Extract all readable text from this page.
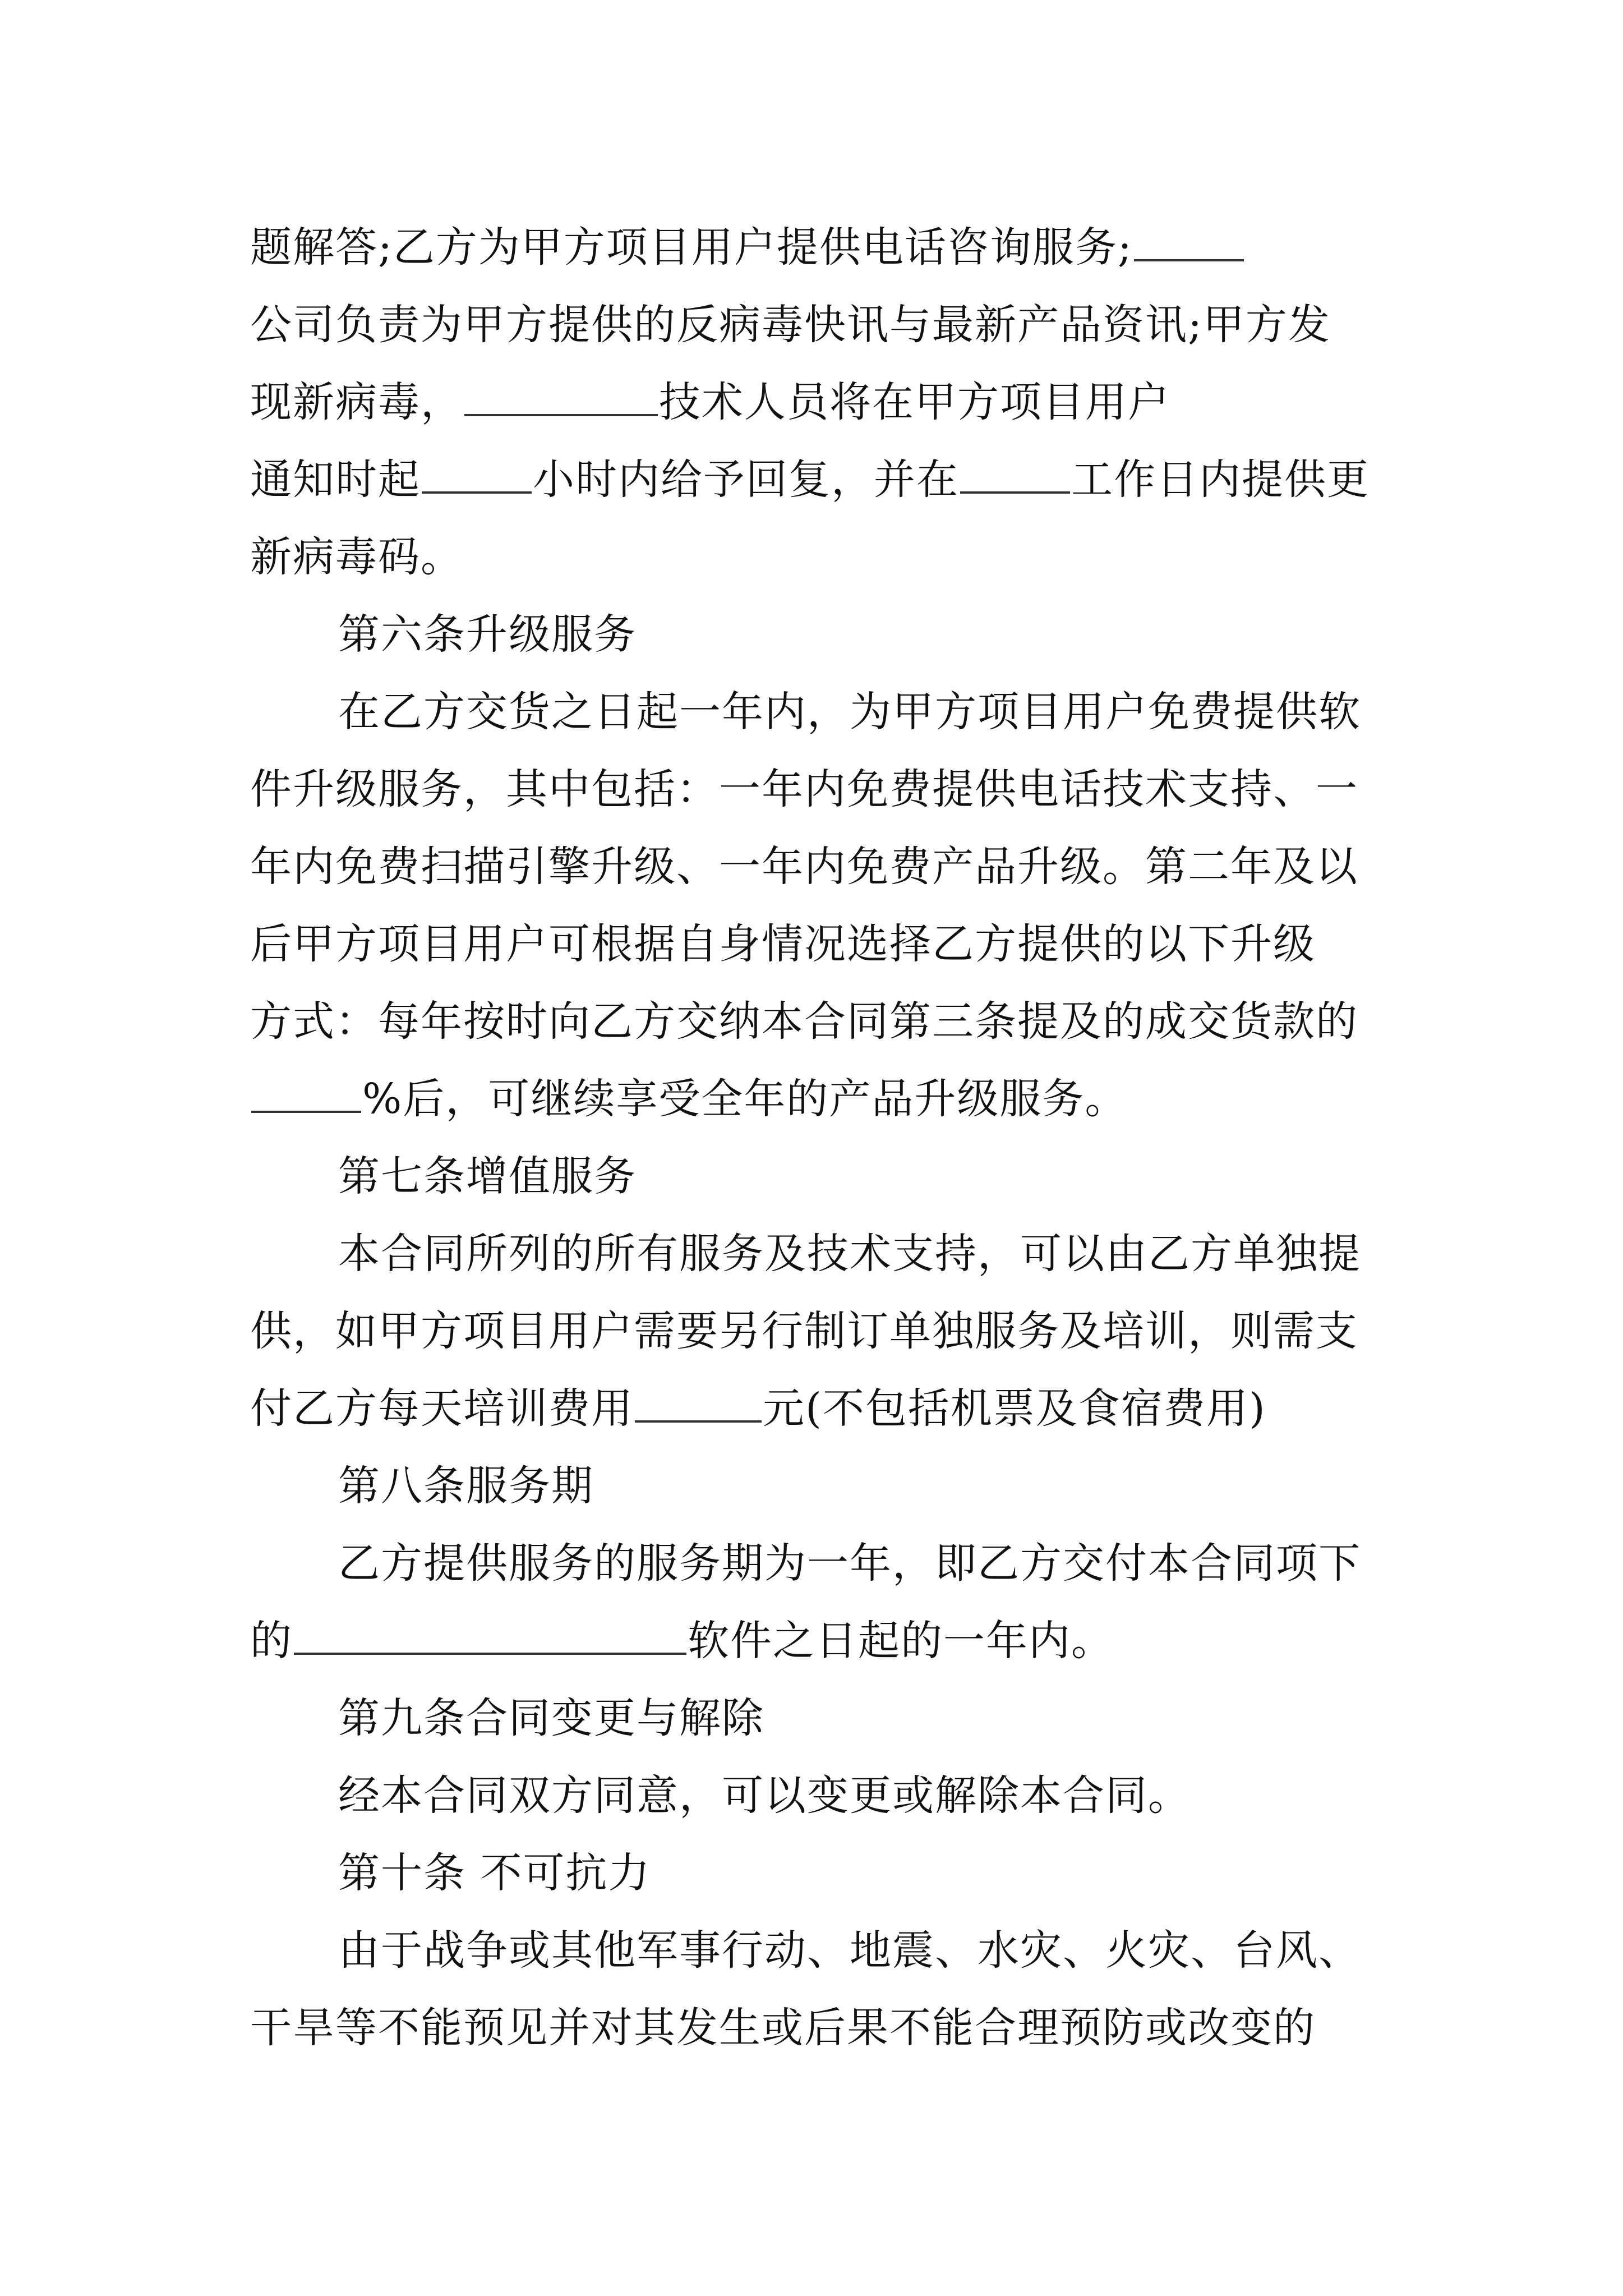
题解答;乙方为甲方项目用户提供电话咨询服务;
公司负责为甲方提供的反病毒快讯与最新产品资讯;甲方发
现新病毒，	技术人员将在甲方项目用户
通知时起	小时内给予回复，并在	工作日内提供更
新病毒码。
第六条升级服务
在乙方交货之日起一年内，为甲方项目用户免费提供软
件升级服务，其中包括：一年内免费提供电话技术支持、一
年内免费扫描引擎升级、一年内免费产品升级。第二年及以
后甲方项目用户可根据自身情况选择乙方提供的以下升级
方式：每年按时向乙方交纳本合同第三条提及的成交货款的
%后，可继续享受全年的产品升级服务。
第七条增值服务
本合同所列的所有服务及技术支持，可以由乙方单独提
供，如甲方项目用户需要另行制订单独服务及培训，则需支
付乙方每天培训费用	元(不包括机票及食宿费用)
第八条服务期
乙方提供服务的服务期为一年，即乙方交付本合同项下
的	软件之日起的一年内。
第九条合同变更与解除
经本合同双方同意，可以变更或解除本合同。
第十条 不可抗力
由于战争或其他军事行动、地震、水灾、火灾、台风、
干旱等不能预见并对其发生或后果不能合理预防或改变的
